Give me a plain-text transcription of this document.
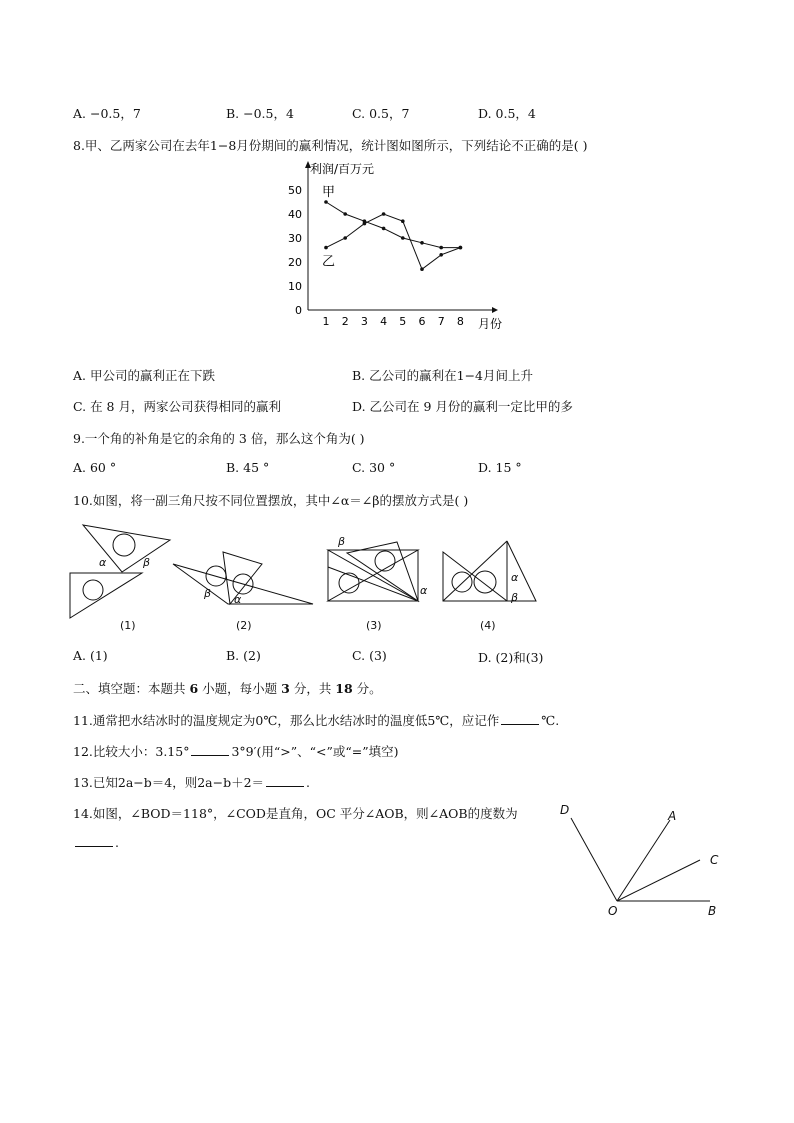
A. −0.5，7	B. −0.5，4	C. 0.5，7	D. 0.5，4
8.甲、乙两家公司在去年1−8月份期间的赢利情况，统计图如图所示，下列结论不正确的是( )
0
10
20
30
40
50
1 2 3 4 5 6 7 8
利润/百万元
月份
甲
乙
A. 甲公司的赢利正在下跌	B. 乙公司的赢利在1−4月间上升
C. 在 8 月，两家公司获得相同的赢利	D. 乙公司在 9 月份的赢利一定比甲的多
9.一个角的补角是它的余角的 3 倍，那么这个角为( )
A. 60 °	B. 45 °	C. 30 °	D. 15 °
10.如图，将一副三角尺按不同位置摆放，其中∠α＝∠β的摆放方式是( )
α	β
β α
β
α
α
β
(1)	(2)	(3)	(4)
A. (1)	B. (2)	C. (3)	D. (2)和(3)
二、填空题：本题共 6 小题，每小题 3 分，共 18 分。
11.通常把水结冰时的温度规定为0℃，那么比水结冰时的温度低5℃，应记作	℃.
12.比较大小：3.15°	3°9′(用“>”、“<”或“=”填空)
13.已知2a−b＝4，则2a−b＋2＝	.
14.如图，∠BOD＝118°，∠COD是直角，OC 平分∠AOB，则∠AOB的度数为
.
D	A
C
O	B
